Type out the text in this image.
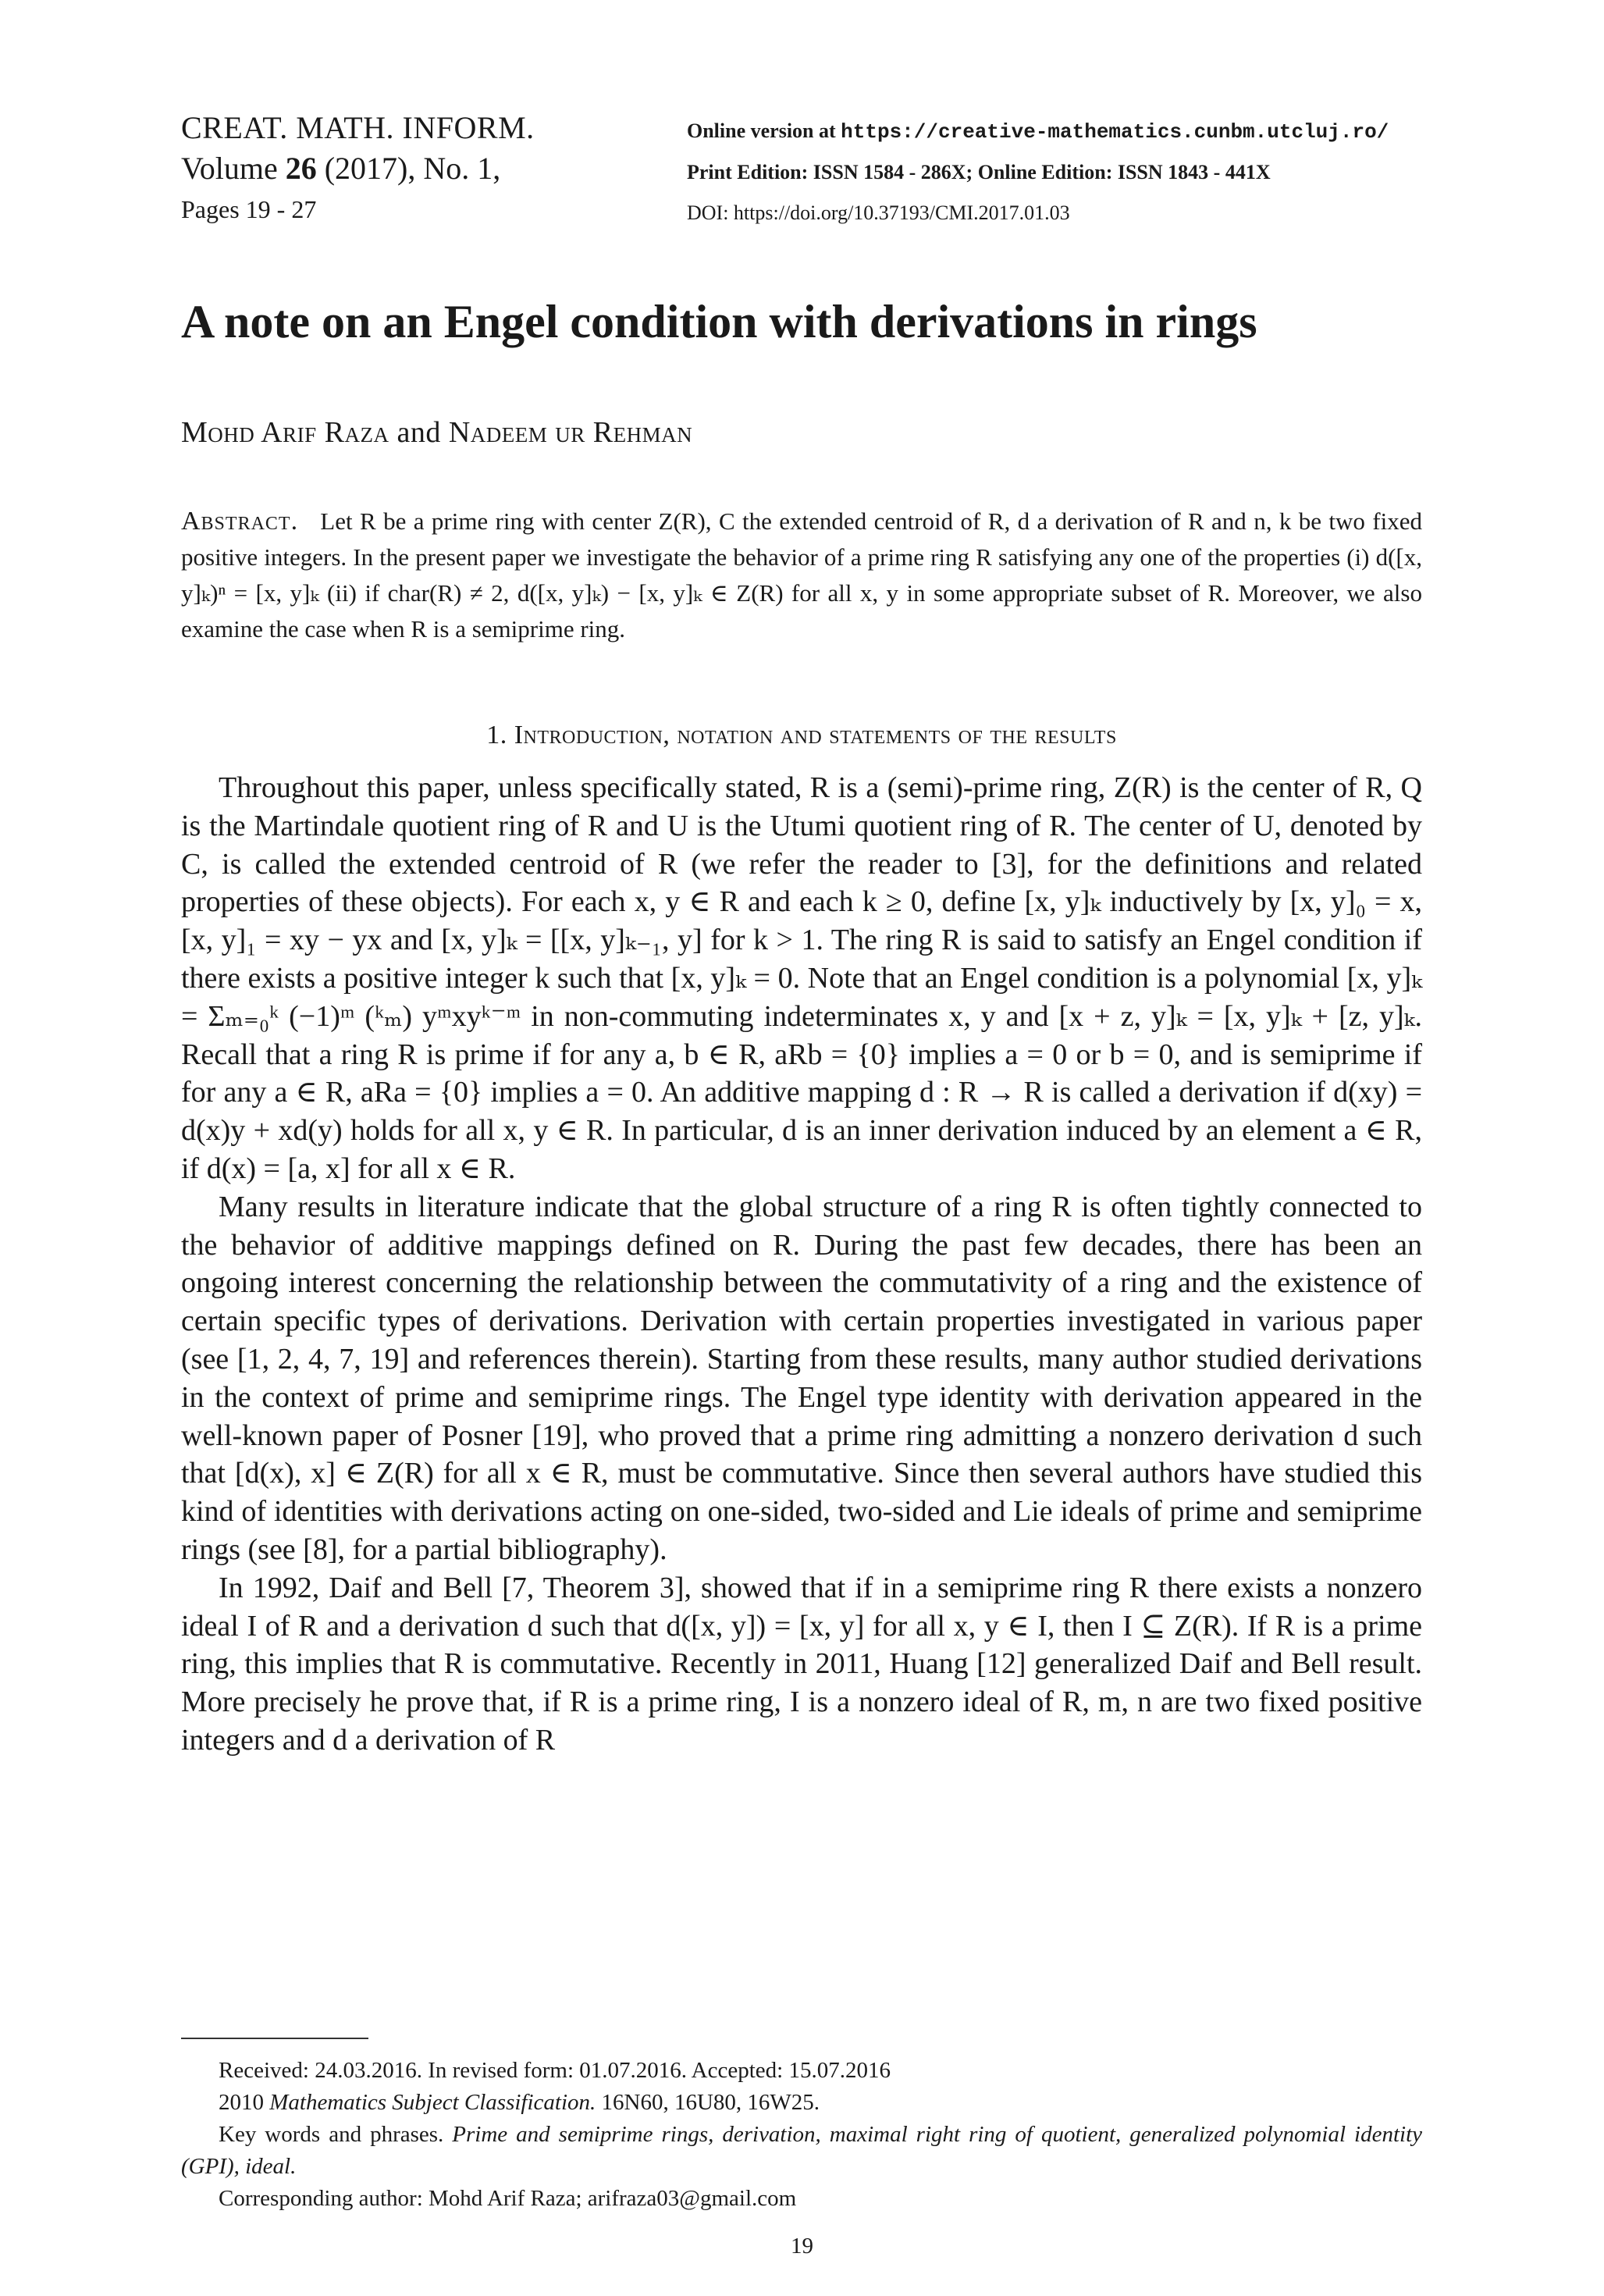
CREAT. MATH. INFORM.
Volume 26 (2017), No. 1,
Pages 19 - 27
Online version at https://creative-mathematics.cunbm.utcluj.ro/
Print Edition: ISSN 1584 - 286X; Online Edition: ISSN 1843 - 441X
DOI: https://doi.org/10.37193/CMI.2017.01.03
A note on an Engel condition with derivations in rings
Mohd Arif Raza and Nadeem ur Rehman
Abstract. Let R be a prime ring with center Z(R), C the extended centroid of R, d a derivation of R and n, k be two fixed positive integers. In the present paper we investigate the behavior of a prime ring R satisfying any one of the properties (i) d([x, y]ₖ)ⁿ = [x, y]ₖ (ii) if char(R) ≠ 2, d([x, y]ₖ) − [x, y]ₖ ∈ Z(R) for all x, y in some appropriate subset of R. Moreover, we also examine the case when R is a semiprime ring.
1. Introduction, notation and statements of the results

Throughout this paper, unless specifically stated, R is a (semi)-prime ring, Z(R) is the center of R, Q is the Martindale quotient ring of R and U is the Utumi quotient ring of R. The center of U, denoted by C, is called the extended centroid of R (we refer the reader to [3], for the definitions and related properties of these objects). For each x, y ∈ R and each k ≥ 0, define [x, y]ₖ inductively by [x, y]₀ = x, [x, y]₁ = xy − yx and [x, y]ₖ = [[x, y]ₖ₋₁, y] for k > 1. The ring R is said to satisfy an Engel condition if there exists a positive integer k such that [x, y]ₖ = 0. Note that an Engel condition is a polynomial [x, y]ₖ = Σₘ₌₀ᵏ (−1)ᵐ (ᵏₘ) yᵐxyᵏ⁻ᵐ in non-commuting indeterminates x, y and [x + z, y]ₖ = [x, y]ₖ + [z, y]ₖ. Recall that a ring R is prime if for any a, b ∈ R, aRb = {0} implies a = 0 or b = 0, and is semiprime if for any a ∈ R, aRa = {0} implies a = 0. An additive mapping d : R → R is called a derivation if d(xy) = d(x)y + xd(y) holds for all x, y ∈ R. In particular, d is an inner derivation induced by an element a ∈ R, if d(x) = [a, x] for all x ∈ R.

Many results in literature indicate that the global structure of a ring R is often tightly connected to the behavior of additive mappings defined on R. During the past few decades, there has been an ongoing interest concerning the relationship between the commutativity of a ring and the existence of certain specific types of derivations. Derivation with certain properties investigated in various paper (see [1, 2, 4, 7, 19] and references therein). Starting from these results, many author studied derivations in the context of prime and semiprime rings. The Engel type identity with derivation appeared in the well-known paper of Posner [19], who proved that a prime ring admitting a nonzero derivation d such that [d(x), x] ∈ Z(R) for all x ∈ R, must be commutative. Since then several authors have studied this kind of identities with derivations acting on one-sided, two-sided and Lie ideals of prime and semiprime rings (see [8], for a partial bibliography).

In 1992, Daif and Bell [7, Theorem 3], showed that if in a semiprime ring R there exists a nonzero ideal I of R and a derivation d such that d([x, y]) = [x, y] for all x, y ∈ I, then I ⊆ Z(R). If R is a prime ring, this implies that R is commutative. Recently in 2011, Huang [12] generalized Daif and Bell result. More precisely he prove that, if R is a prime ring, I is a nonzero ideal of R, m, n are two fixed positive integers and d a derivation of R

Received: 24.03.2016. In revised form: 01.07.2016. Accepted: 15.07.2016

2010 Mathematics Subject Classification. 16N60, 16U80, 16W25.

Key words and phrases. Prime and semiprime rings, derivation, maximal right ring of quotient, generalized polynomial identity (GPI), ideal.

Corresponding author: Mohd Arif Raza; arifraza03@gmail.com

19
